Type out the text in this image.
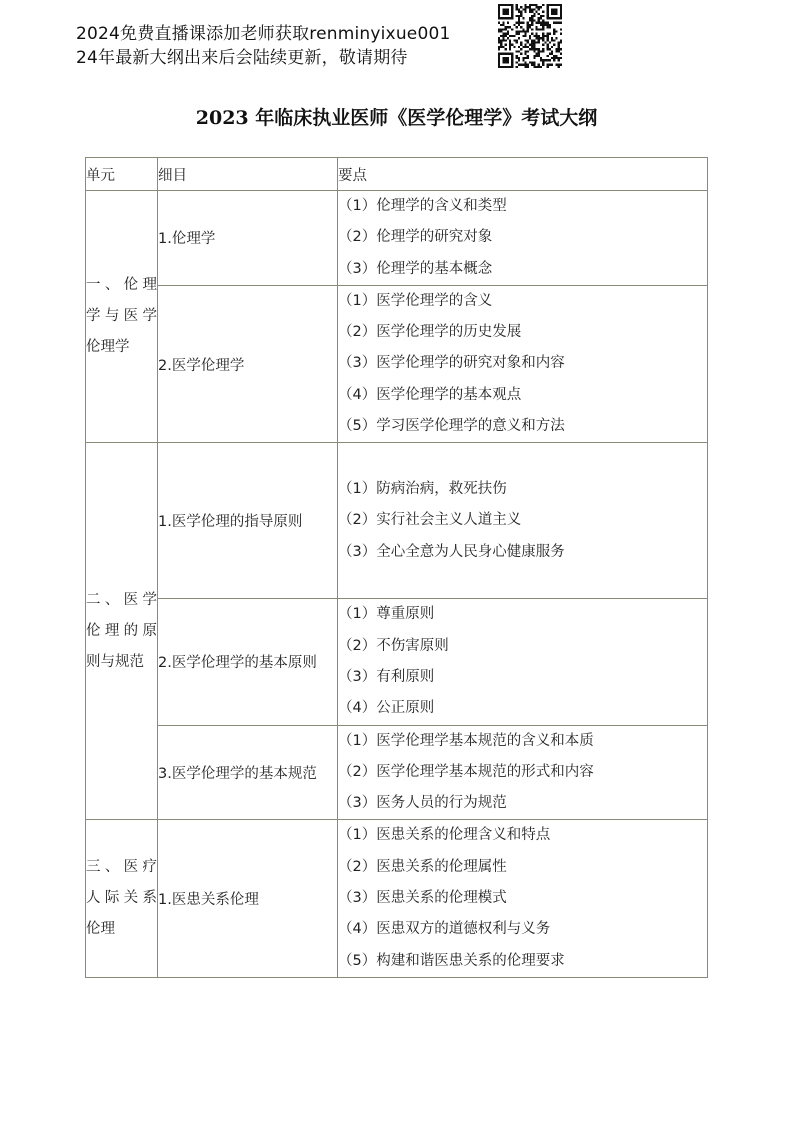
2024免费直播课添加老师获取renminyixue001
24年最新大纲出来后会陆续更新，敬请期待
2023 年临床执业医师《医学伦理学》考试大纲
单元	细目	要点
一、伦理学与医学伦理学	1.伦理学	（1）伦理学的含义和类型
（2）伦理学的研究对象
（3）伦理学的基本概念

	2.医学伦理学	（1）医学伦理学的含义
（2）医学伦理学的历史发展
（3）医学伦理学的研究对象和内容
（4）医学伦理学的基本观点
（5）学习医学伦理学的意义和方法

二、医学伦理的原则与规范	1.医学伦理的指导原则	（1）防病治病，救死扶伤
（2）实行社会主义人道主义
（3）全心全意为人民身心健康服务

	2.医学伦理学的基本原则	（1）尊重原则
（2）不伤害原则
（3）有利原则
（4）公正原则

	3.医学伦理学的基本规范	（1）医学伦理学基本规范的含义和本质
（2）医学伦理学基本规范的形式和内容
（3）医务人员的行为规范

三、医疗人际关系伦理	1.医患关系伦理	（1）医患关系的伦理含义和特点
（2）医患关系的伦理属性
（3）医患关系的伦理模式
（4）医患双方的道德权利与义务
（5）构建和谐医患关系的伦理要求
